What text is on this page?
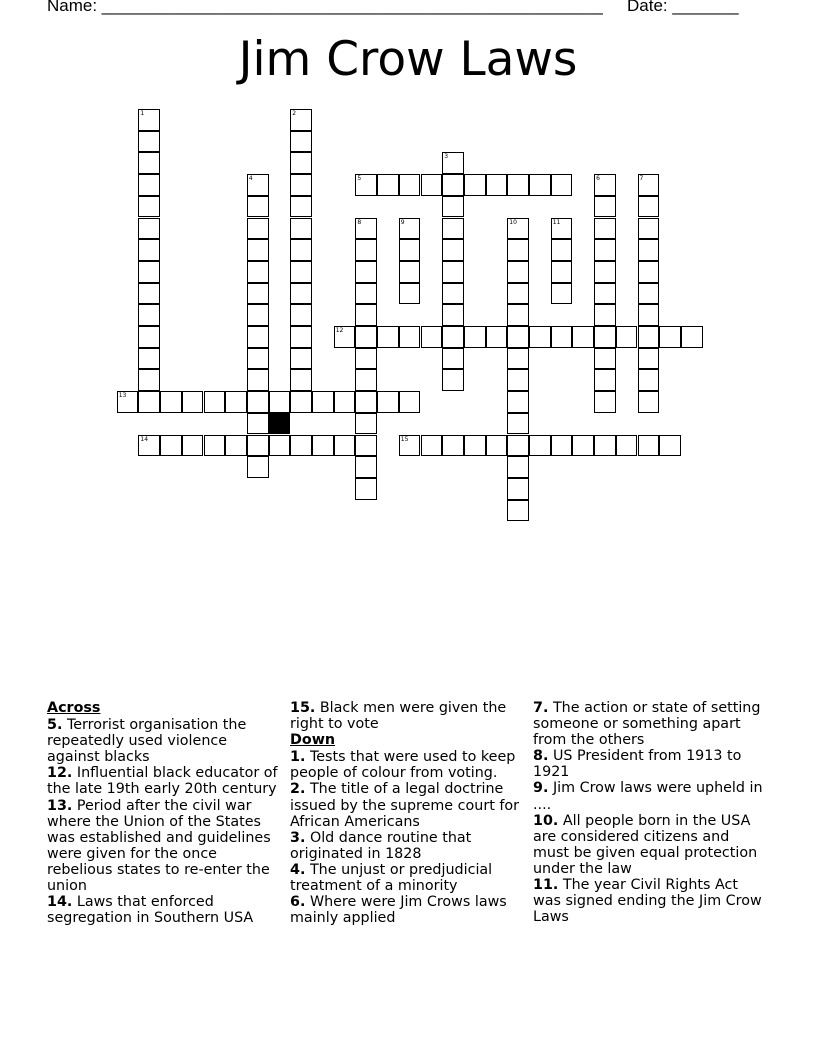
Name: _____________________________________________________ Date: _______
Jim Crow Laws
1	2
3
4	5	6	7
8	9	10	11
12
13
14	15
Across
5. Terrorist organisation the repeatedly used violence against blacks
12. Influential black educator of the late 19th early 20th century
13. Period after the civil war where the Union of the States was established and guidelines were given for the once rebelious states to re-enter the union
14. Laws that enforced segregation in Southern USA
15. Black men were given the right to vote
Down
1. Tests that were used to keep people of colour from voting.
2. The title of a legal doctrine issued by the supreme court for African Americans
3. Old dance routine that originated in 1828
4. The unjust or predjudicial treatment of a minority
6. Where were Jim Crows laws mainly applied
7. The action or state of setting someone or something apart from the others
8. US President from 1913 to 1921
9. Jim Crow laws were upheld in ....
10. All people born in the USA are considered citizens and must be given equal protection under the law
11. The year Civil Rights Act was signed ending the Jim Crow Laws
